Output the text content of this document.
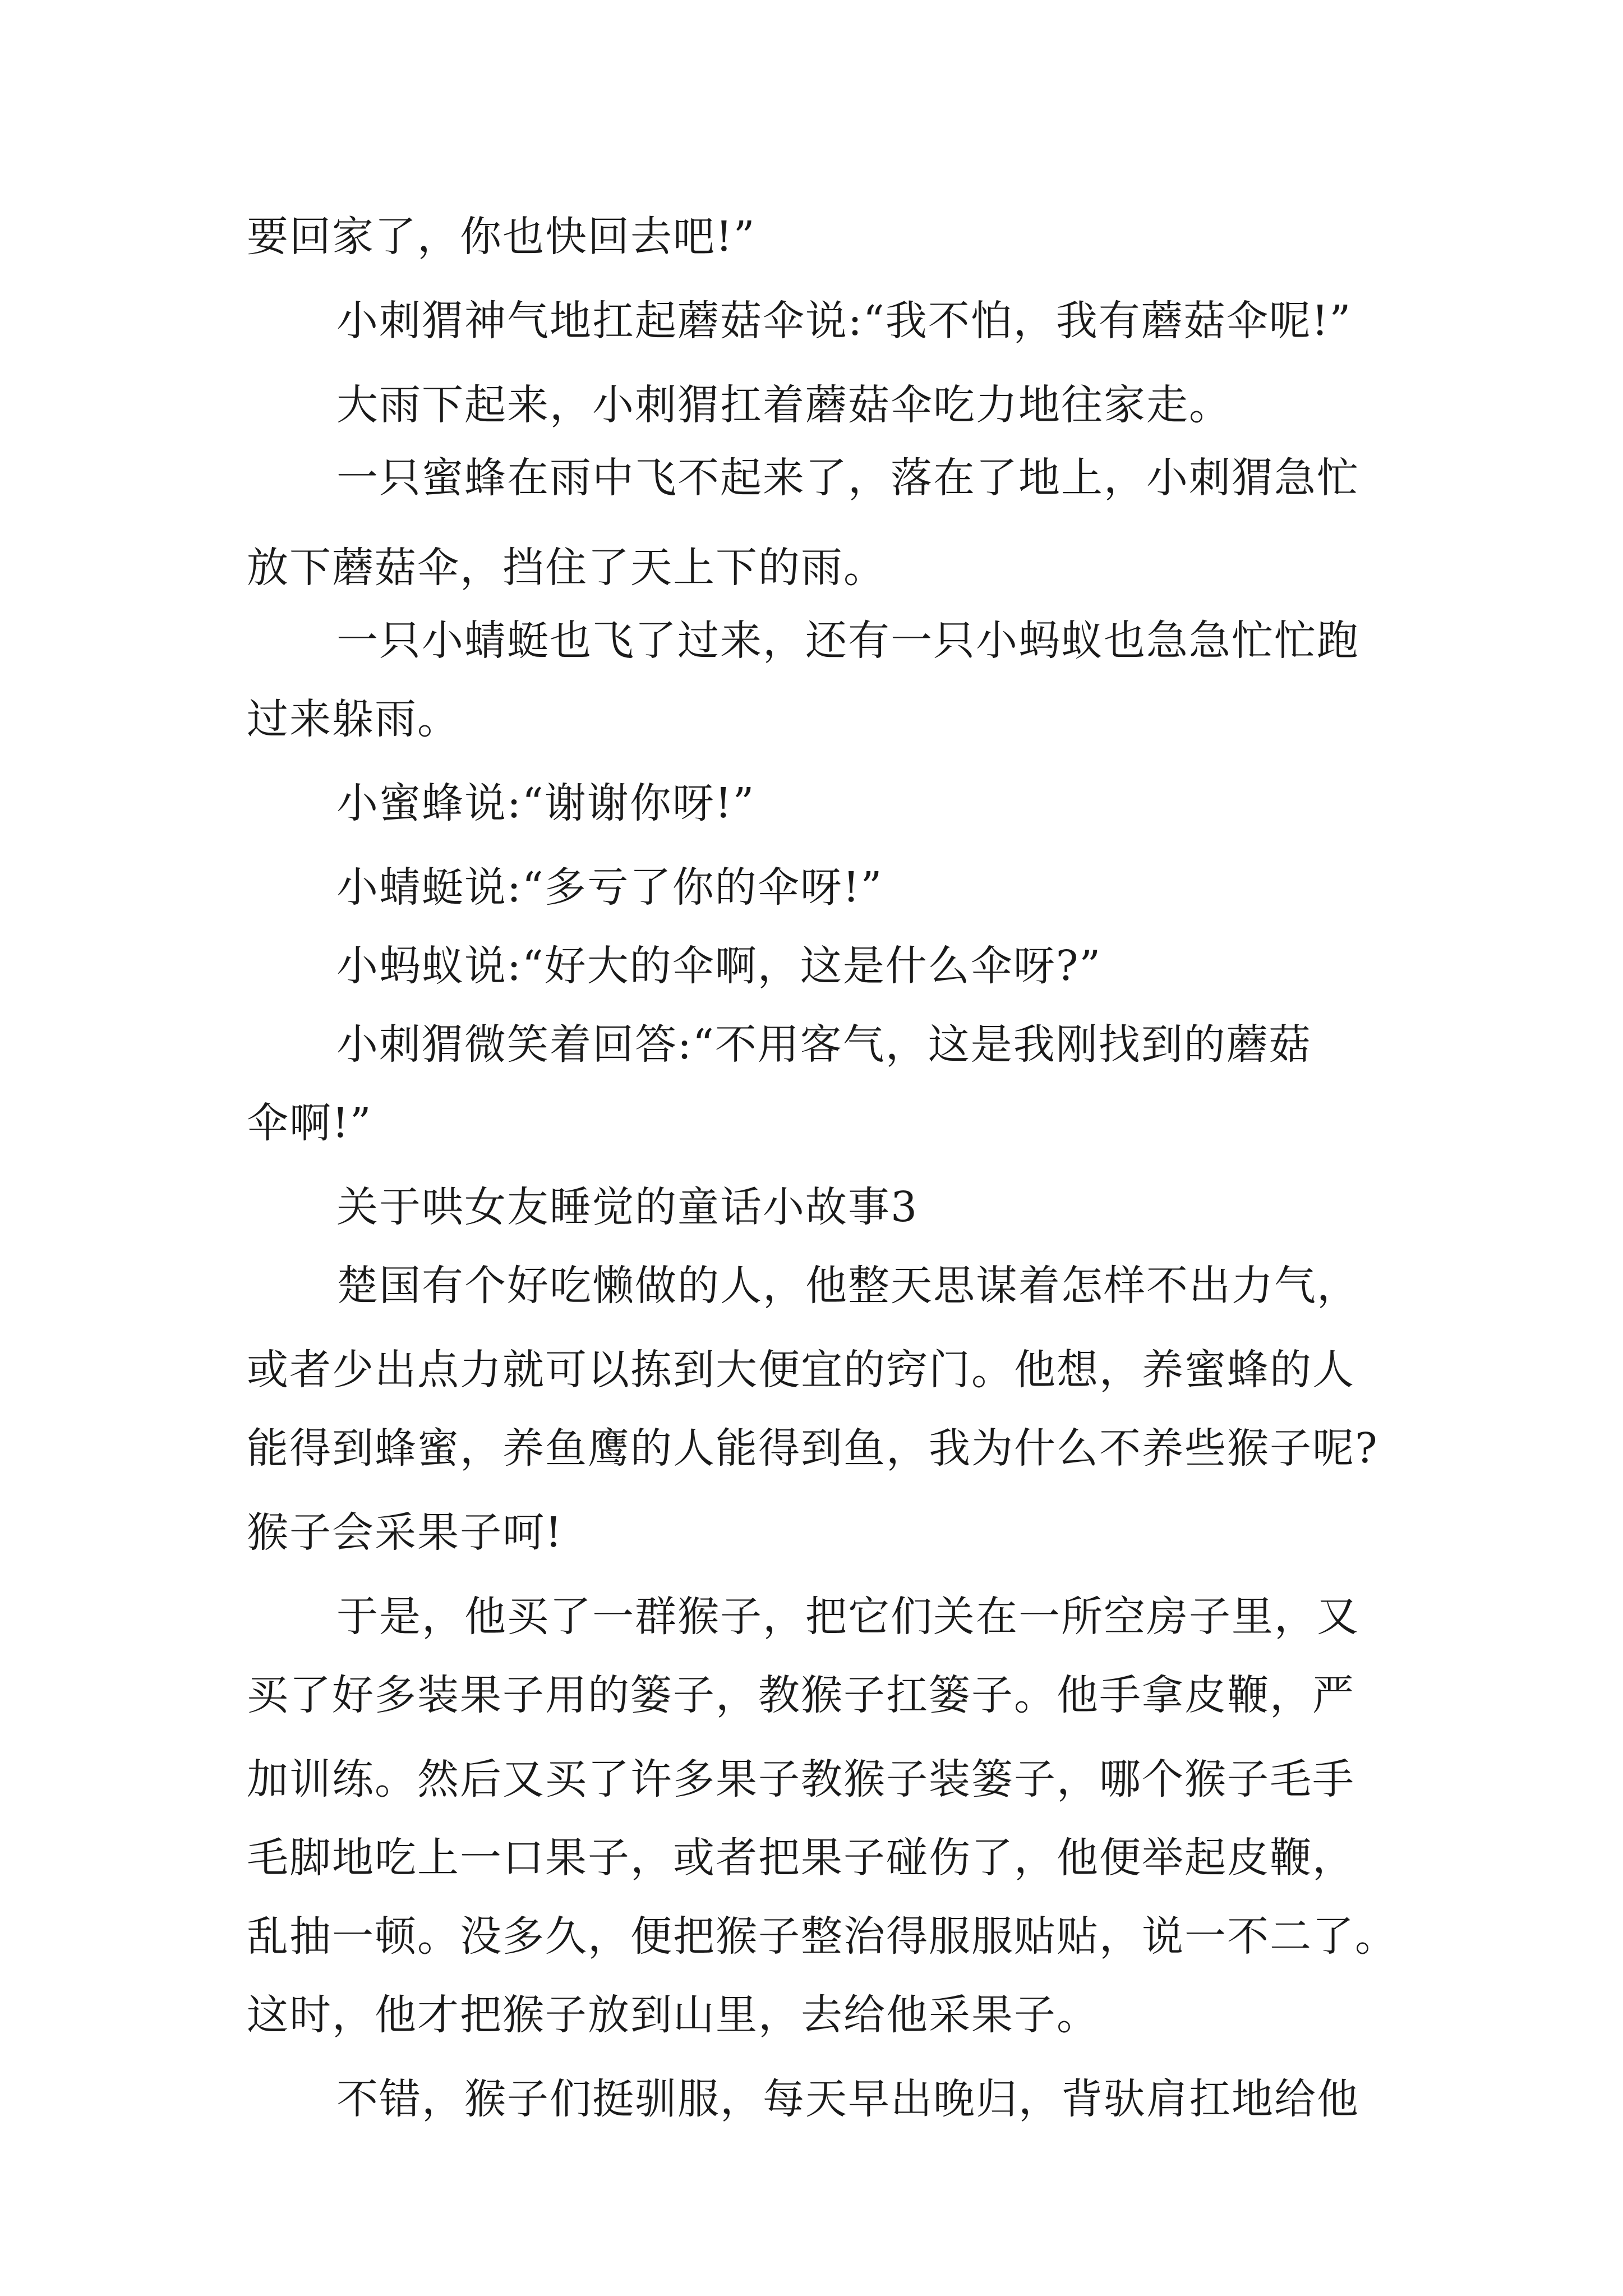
要回家了，你也快回去吧!”

小刺猬神气地扛起蘑菇伞说:“我不怕，我有蘑菇伞呢!”

大雨下起来，小刺猬扛着蘑菇伞吃力地往家走。

一只蜜蜂在雨中飞不起来了，落在了地上，小刺猬急忙

放下蘑菇伞，挡住了天上下的雨。

一只小蜻蜓也飞了过来，还有一只小蚂蚁也急急忙忙跑

过来躲雨。

小蜜蜂说:“谢谢你呀!”

小蜻蜓说:“多亏了你的伞呀!”

小蚂蚁说:“好大的伞啊，这是什么伞呀?”

小刺猬微笑着回答:“不用客气，这是我刚找到的蘑菇

伞啊!”

关于哄女友睡觉的童话小故事3

楚国有个好吃懒做的人，他整天思谋着怎样不出力气，

或者少出点力就可以拣到大便宜的窍门。他想，养蜜蜂的人

能得到蜂蜜，养鱼鹰的人能得到鱼，我为什么不养些猴子呢?

猴子会采果子呵!

于是，他买了一群猴子，把它们关在一所空房子里，又

买了好多装果子用的篓子，教猴子扛篓子。他手拿皮鞭，严

加训练。然后又买了许多果子教猴子装篓子，哪个猴子毛手

毛脚地吃上一口果子，或者把果子碰伤了，他便举起皮鞭，

乱抽一顿。没多久，便把猴子整治得服服贴贴，说一不二了。

这时，他才把猴子放到山里，去给他采果子。

不错，猴子们挺驯服，每天早出晚归，背驮肩扛地给他
